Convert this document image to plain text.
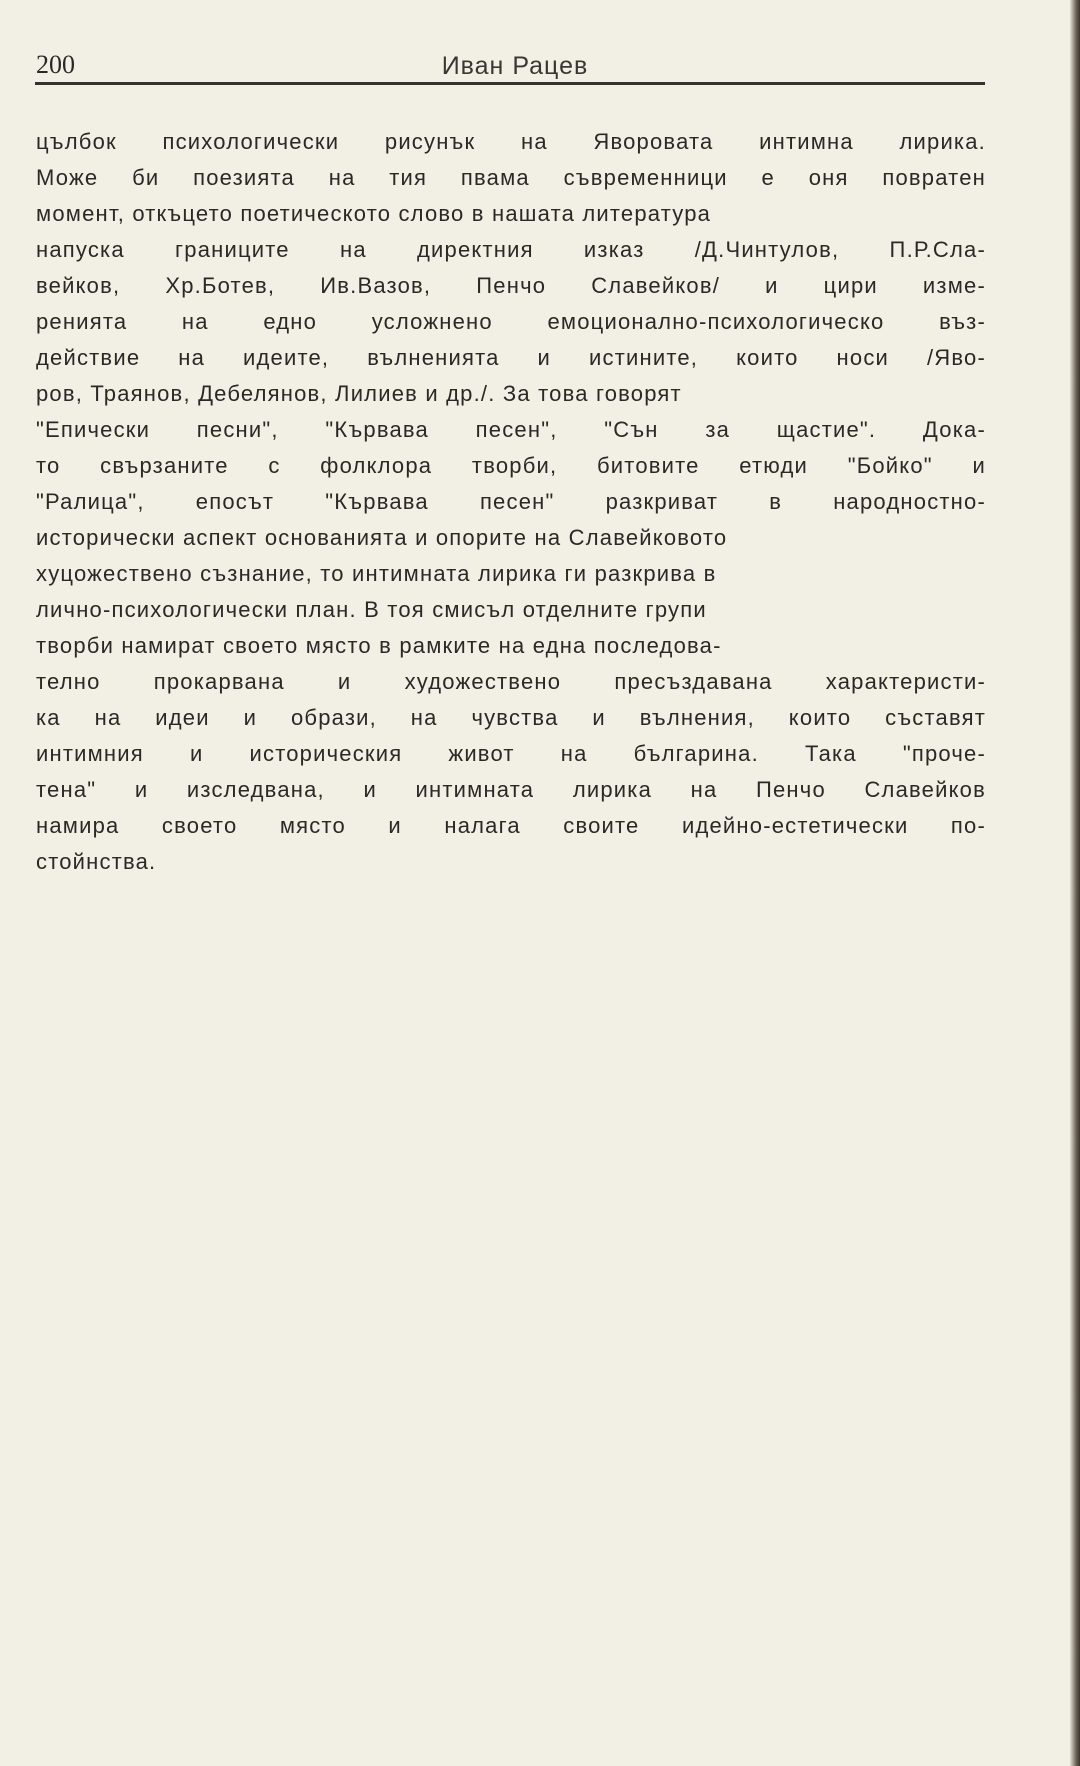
200	Иван Рацев
цълбок психологически рисунък на Яворовата интимна лирика.
Може би поезията на тия пвама съвременници е оня повратен
момент, откъцето поетическото слово в нашата литература
напуска границите на директния изказ /Д.Чинтулов, П.Р.Сла-
вейков, Хр.Ботев, Ив.Вазов, Пенчо Славейков/ и цири изме-
ренията на едно усложнено емоционално-психологическо въз-
действие на идеите, вълненията и истините, които носи /Яво-
ров, Траянов, Дебелянов, Лилиев и др./. За това говорят
"Епически песни", "Кървава песен", "Сън за щастие". Дока-
то свързаните с фолклора творби, битовите етюди "Бойко" и
"Ралица", епосът "Кървава песен" разкриват в народностно-
исторически аспект основанията и опорите на Славейковото
хуцожествено съзнание, то интимната лирика ги разкрива в
лично-психологически план. В тоя смисъл отделните групи
творби намират своето място в рамките на една последова-
телно прокарвана и художествено пресъздавана характеристи-
ка на идеи и образи, на чувства и вълнения, които съставят
интимния и историческия живот на българина. Така "проче-
тена" и изследвана, и интимната лирика на Пенчо Славейков
намира своето място и налага своите идейно-естетически по-
стойнства.
